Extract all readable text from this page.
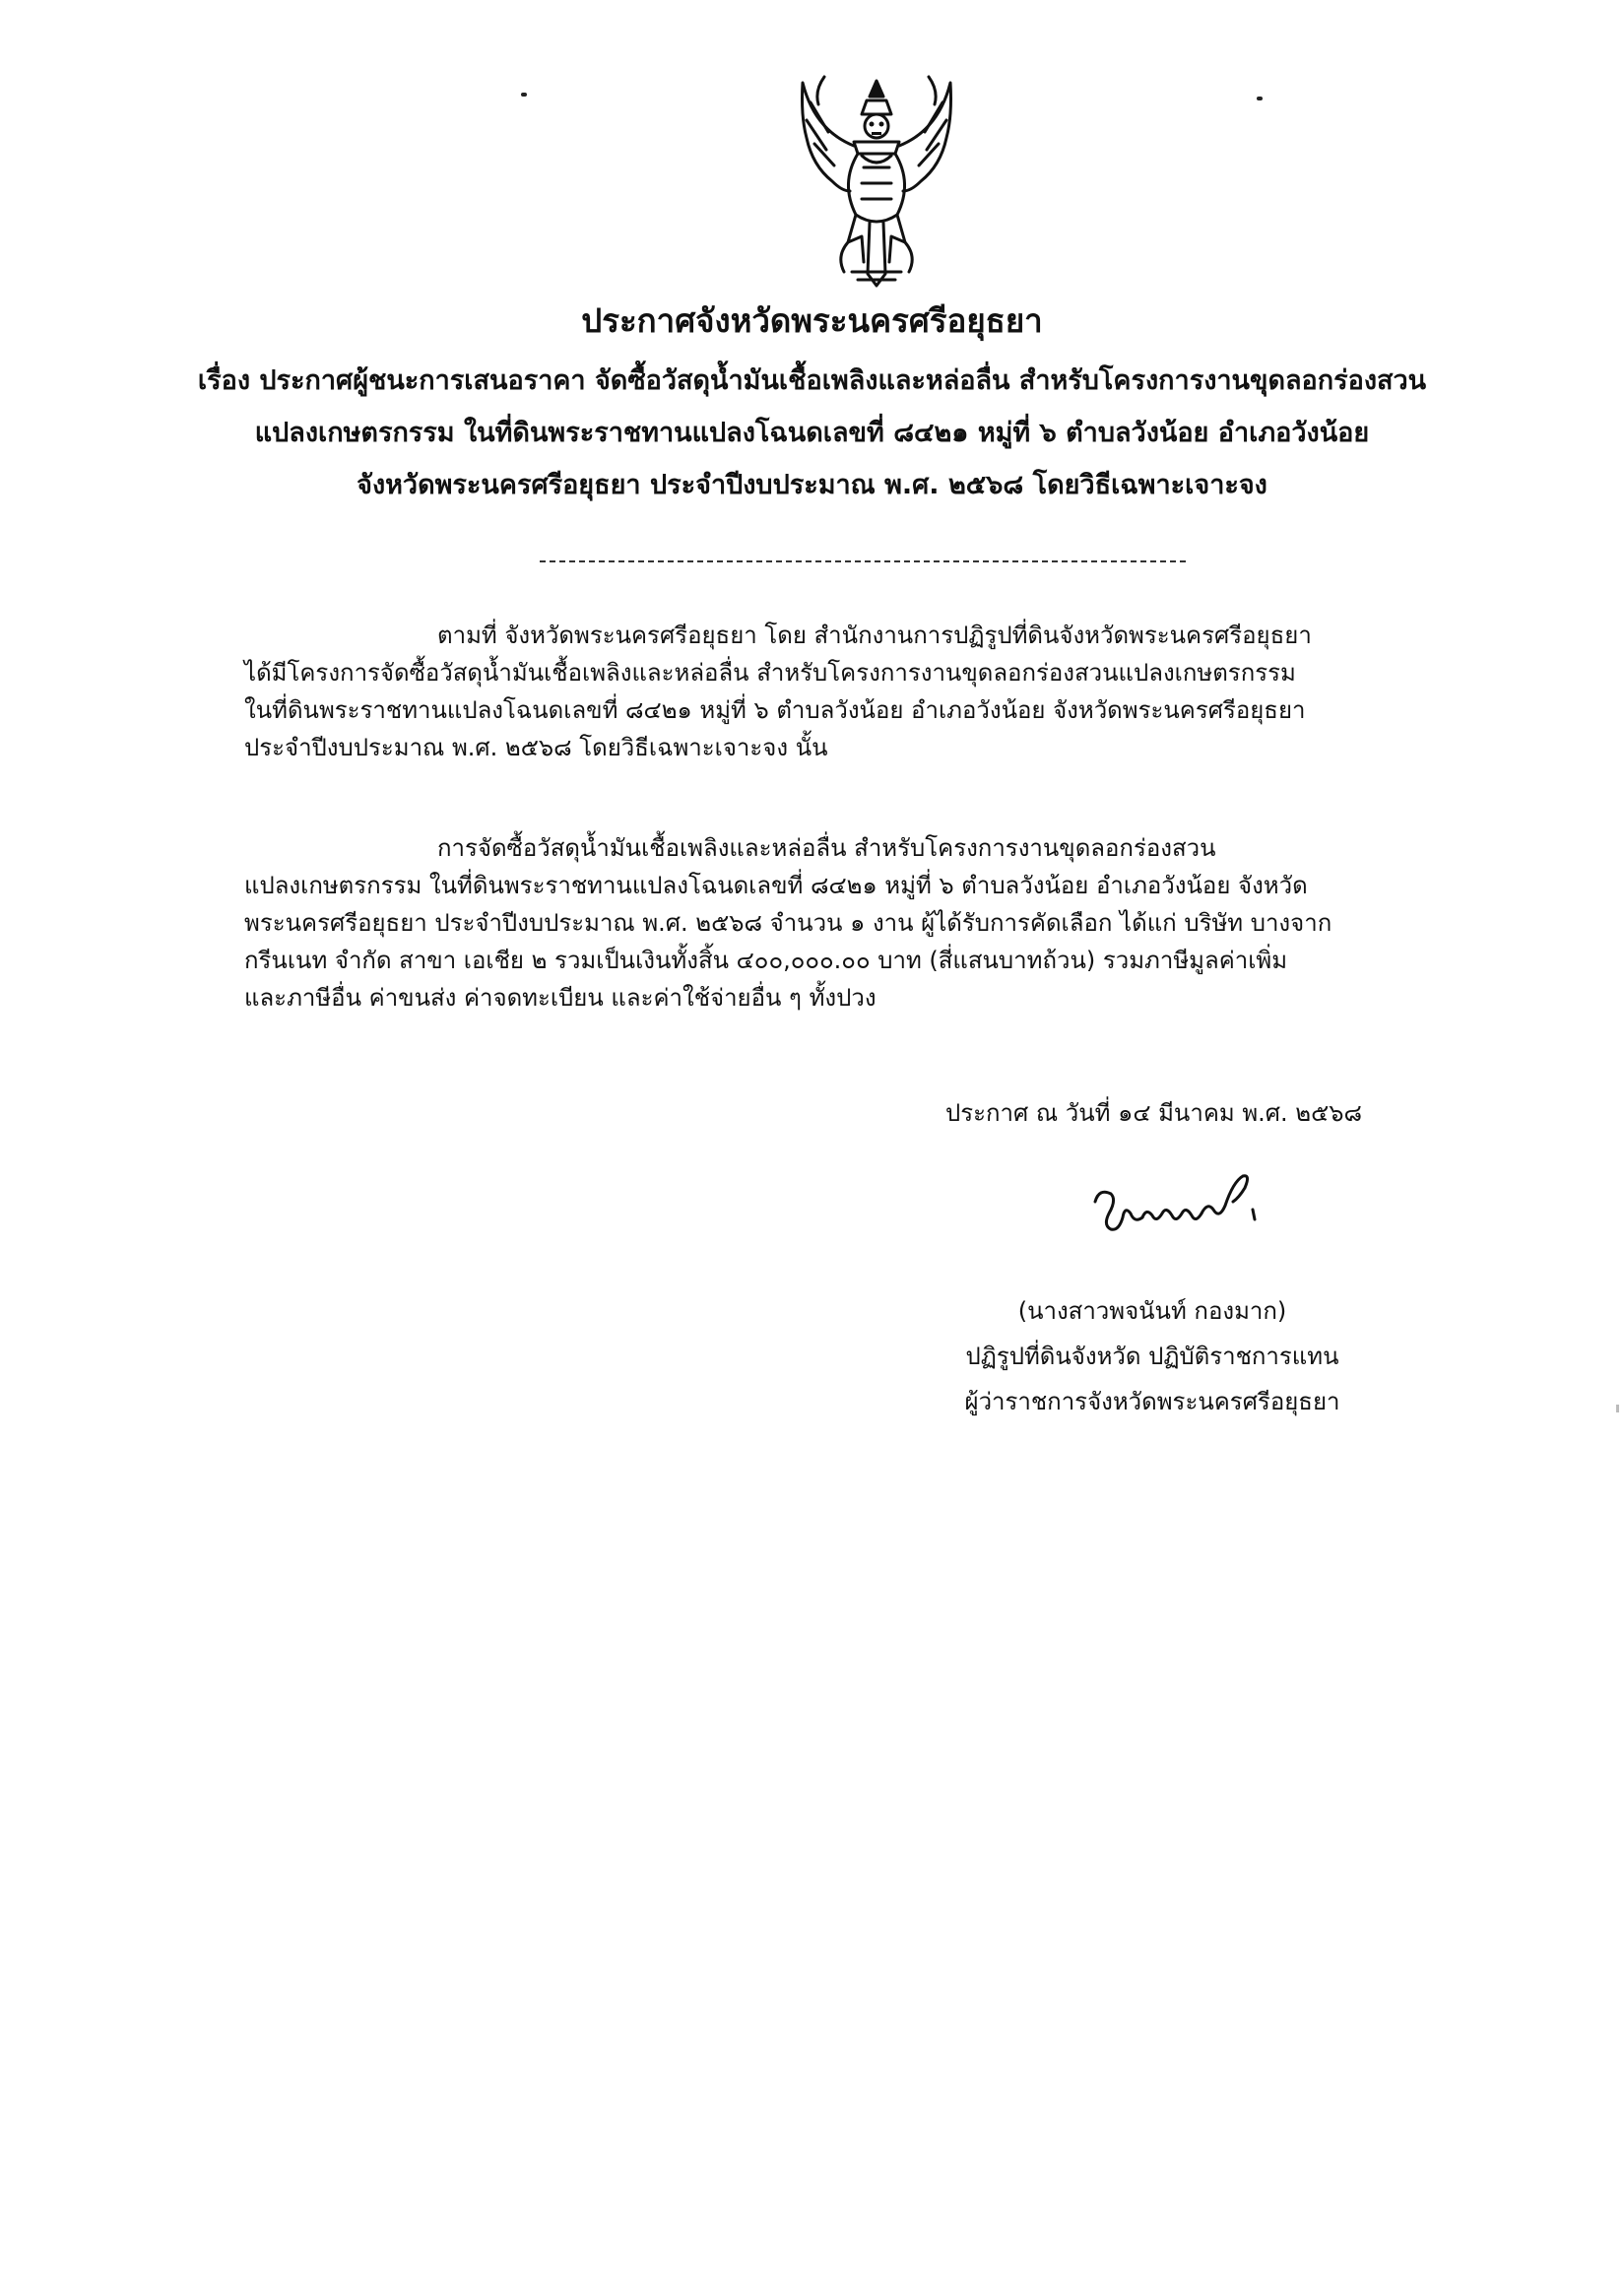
ประกาศจังหวัดพระนครศรีอยุธยา
เรื่อง ประกาศผู้ชนะการเสนอราคา จัดซื้อวัสดุน้ำมันเชื้อเพลิงและหล่อลื่น สำหรับโครงการงานขุดลอกร่องสวน
แปลงเกษตรกรรม ในที่ดินพระราชทานแปลงโฉนดเลขที่ ๘๔๒๑ หมู่ที่ ๖ ตำบลวังน้อย อำเภอวังน้อย
จังหวัดพระนครศรีอยุธยา ประจำปีงบประมาณ พ.ศ. ๒๕๖๘ โดยวิธีเฉพาะเจาะจง
ตามที่ จังหวัดพระนครศรีอยุธยา โดย สำนักงานการปฏิรูปที่ดินจังหวัดพระนครศรีอยุธยา
ได้มีโครงการจัดซื้อวัสดุน้ำมันเชื้อเพลิงและหล่อลื่น สำหรับโครงการงานขุดลอกร่องสวนแปลงเกษตรกรรม
ในที่ดินพระราชทานแปลงโฉนดเลขที่ ๘๔๒๑ หมู่ที่ ๖ ตำบลวังน้อย อำเภอวังน้อย จังหวัดพระนครศรีอยุธยา
ประจำปีงบประมาณ พ.ศ. ๒๕๖๘ โดยวิธีเฉพาะเจาะจง นั้น
การจัดซื้อวัสดุน้ำมันเชื้อเพลิงและหล่อลื่น สำหรับโครงการงานขุดลอกร่องสวน
แปลงเกษตรกรรม ในที่ดินพระราชทานแปลงโฉนดเลขที่ ๘๔๒๑ หมู่ที่ ๖ ตำบลวังน้อย อำเภอวังน้อย จังหวัด
พระนครศรีอยุธยา ประจำปีงบประมาณ พ.ศ. ๒๕๖๘ จำนวน ๑ งาน ผู้ได้รับการคัดเลือก ได้แก่ บริษัท บางจาก
กรีนเนท จำกัด สาขา เอเชีย ๒ รวมเป็นเงินทั้งสิ้น ๔๐๐,๐๐๐.๐๐ บาท (สี่แสนบาทถ้วน) รวมภาษีมูลค่าเพิ่ม
และภาษีอื่น ค่าขนส่ง ค่าจดทะเบียน และค่าใช้จ่ายอื่น ๆ ทั้งปวง
ประกาศ ณ วันที่ ๑๔ มีนาคม พ.ศ. ๒๕๖๘
(นางสาวพจนันท์ กองมาก)
ปฏิรูปที่ดินจังหวัด ปฏิบัติราชการแทน
ผู้ว่าราชการจังหวัดพระนครศรีอยุธยา
